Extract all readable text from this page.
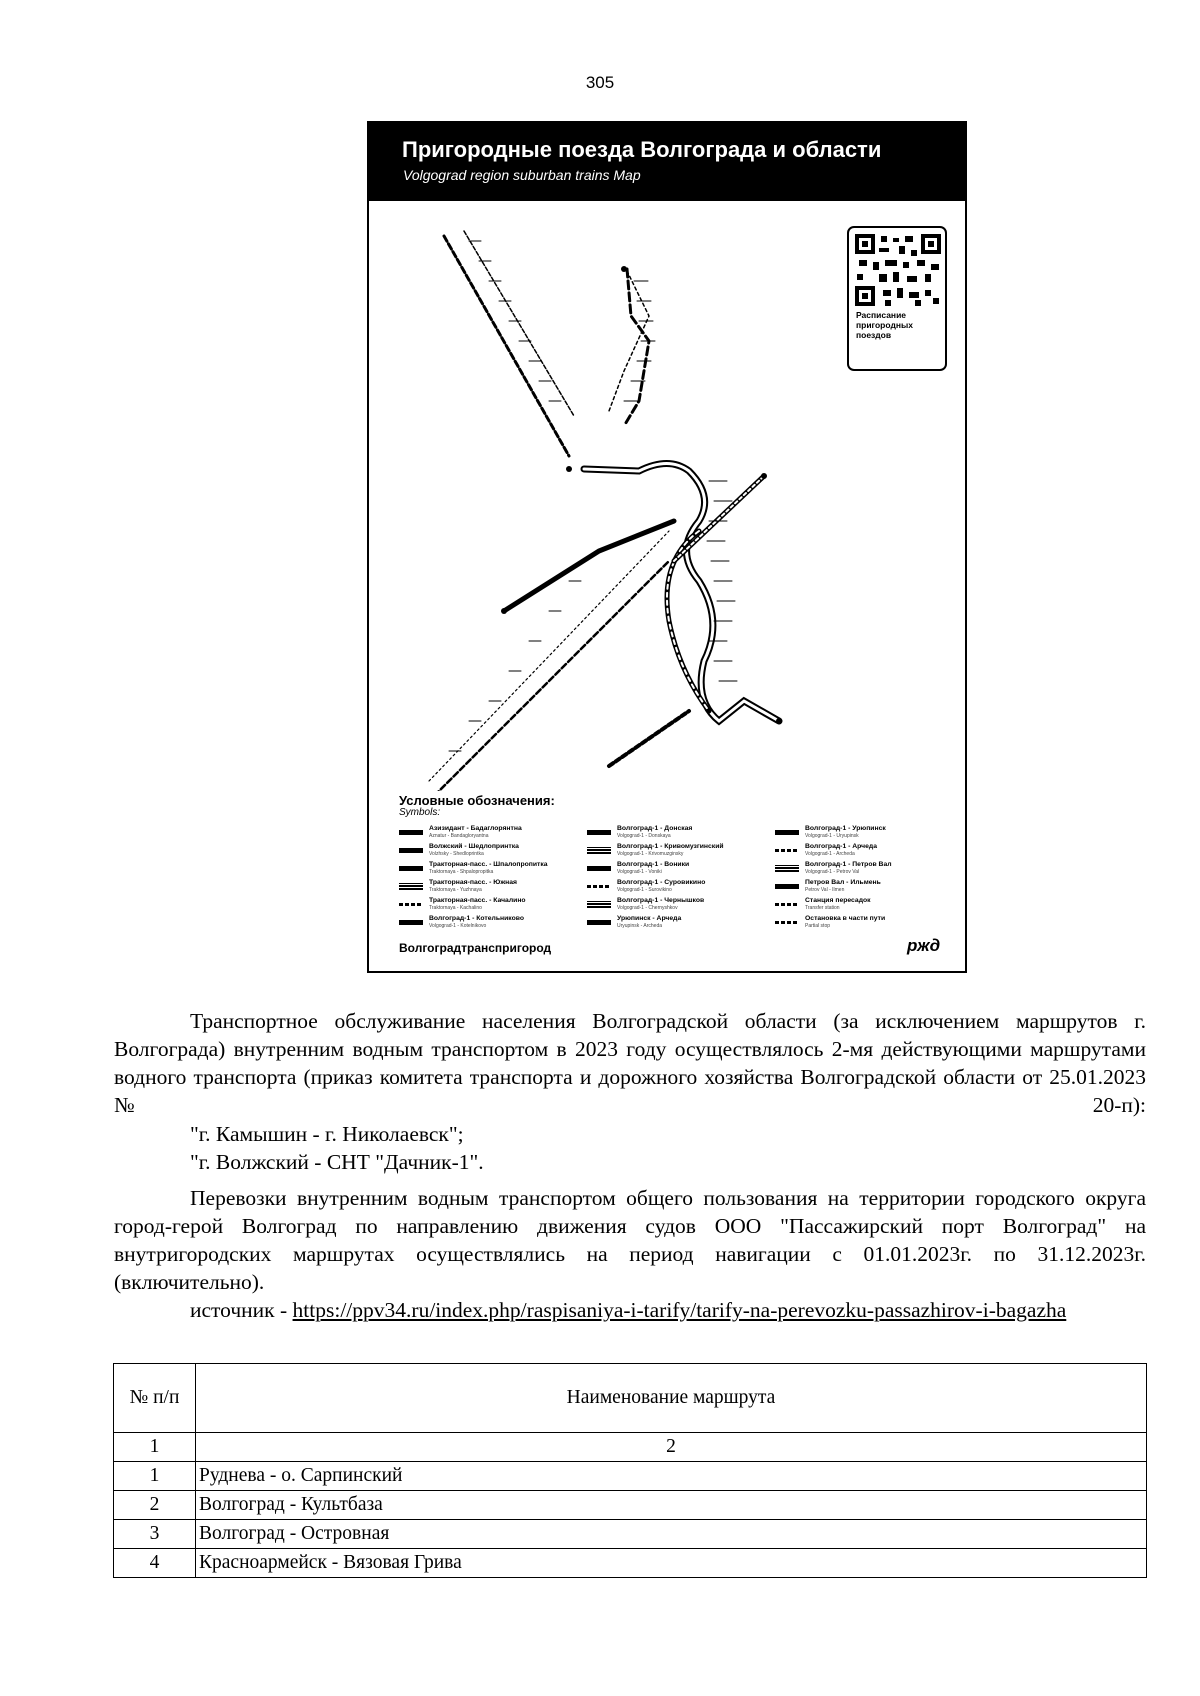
305
Пригородные поезда Волгограда и области
Volgograd region suburban trains Map
Расписание пригородных поездов
Условные обозначения:
Symbols:
Азизидант - Бадаглорянтна
Aznatur - Bandagloryantna
Волжский - Шедлопринтка
Volzhsky - Shedloprintka
Тракторная-пасс. - Шпалопропитка
Traktornaya - Shpalopropitka
Тракторная-пасс. - Южная
Traktornaya - Yuzhnaya
Тракторная-пасс. - Качалино
Traktornaya - Kachalino
Волгоград-1 - Котельниково
Volgograd-1 - Kotelnikovo
Волгоград-1 - Донская
Volgograd-1 - Donskaya
Волгоград-1 - Кривомузгинский
Volgograd-1 - Krivomuzginsky
Волгоград-1 - Воники
Volgograd-1 - Voniki
Волгоград-1 - Суровикино
Volgograd-1 - Surovikino
Волгоград-1 - Чернышков
Volgograd-1 - Chernyshkov
Урюпинск - Арчеда
Uryupinsk - Archeda
Волгоград-1 - Урюпинск
Volgograd-1 - Uryupinsk
Волгоград-1 - Арчеда
Volgograd-1 - Archeda
Волгоград-1 - Петров Вал
Volgograd-1 - Petrov Val
Петров Вал - Ильмень
Petrov Val - Ilmen
Станция пересадок
Transfer station
Остановка в части пути
Partial stop
Волгоградтранспригород	ржд
Транспортное обслуживание населения Волгоградской области (за исключением маршрутов г. Волгограда) внутренним водным транспортом в 2023 году осуществлялось 2-мя действующими маршрутами водного транспорта (приказ комитета транспорта и дорожного хозяйства Волгоградской области от 25.01.2023 № 20-п):
"г. Камышин - г. Николаевск";
"г. Волжский - СНТ "Дачник-1".
Перевозки внутренним водным транспортом общего пользования на территории городского округа город-герой Волгоград по направлению движения судов ООО "Пассажирский порт Волгоград" на внутригородских маршрутах осуществлялись на период навигации с 01.01.2023г. по 31.12.2023г. (включительно).
источник - https://ppv34.ru/index.php/raspisaniya-i-tarify/tarify-na-perevozku-passazhirov-i-bagazha
№ п/п	Наименование маршрута
1	2
1	Руднева - о. Сарпинский
2	Волгоград - Культбаза
3	Волгоград - Островная
4	Красноармейск - Вязовая Грива
